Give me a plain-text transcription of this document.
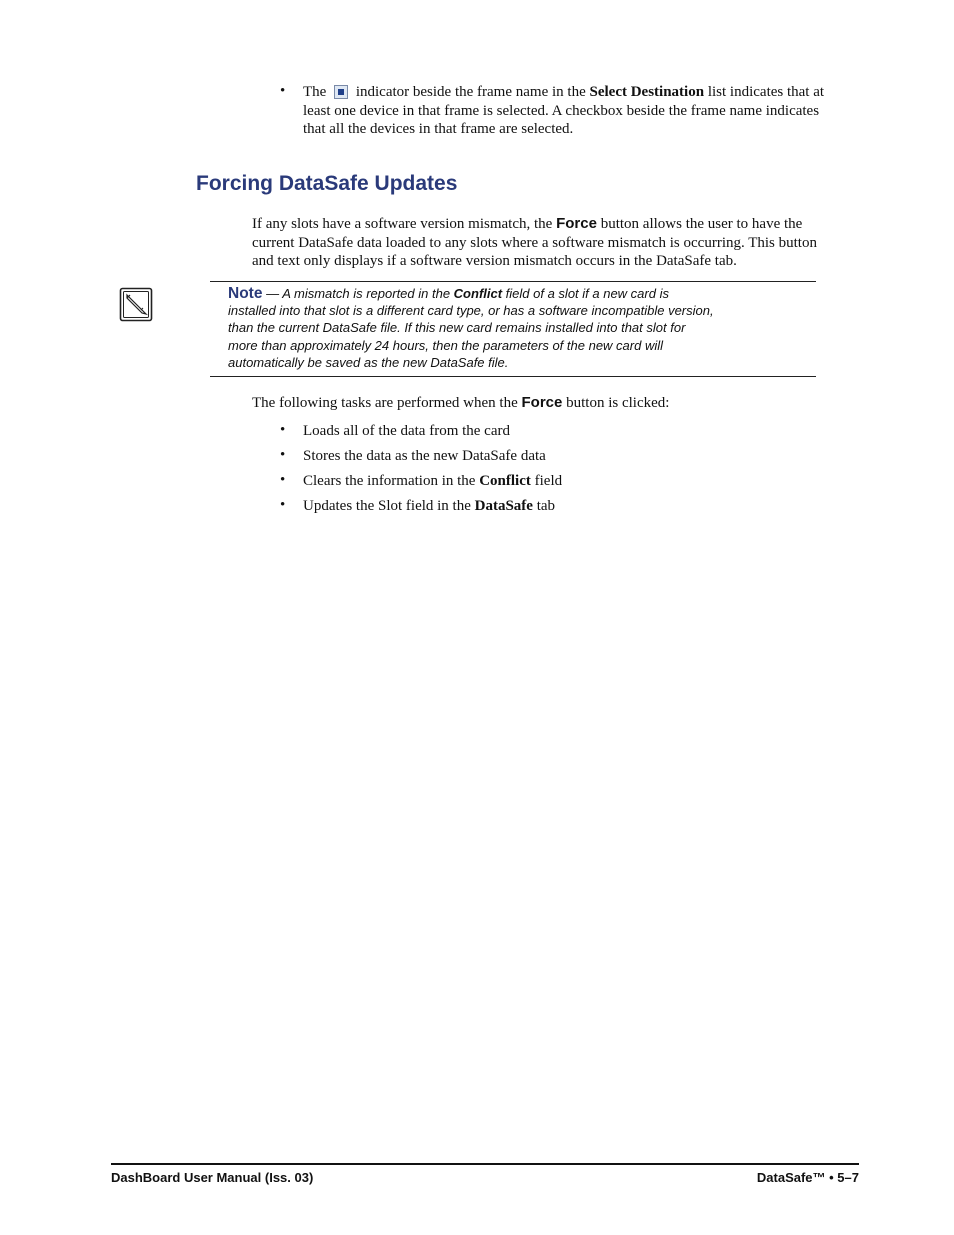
• The indicator beside the frame name in the Select Destination list indicates that at
least one device in that frame is selected. A checkbox beside the frame name indicates
that all the devices in that frame are selected.
Forcing DataSafe Updates
If any slots have a software version mismatch, the Force button allows the user to have the
current DataSafe data loaded to any slots where a software mismatch is occurring. This button
and text only displays if a software version mismatch occurs in the DataSafe tab.
Note — A mismatch is reported in the Conflict field of a slot if a new card is
installed into that slot is a different card type, or has a software incompatible version,
than the current DataSafe file. If this new card remains installed into that slot for
more than approximately 24 hours, then the parameters of the new card will
automatically be saved as the new DataSafe file.
The following tasks are performed when the Force button is clicked:
• Loads all of the data from the card
• Stores the data as the new DataSafe data
• Clears the information in the Conflict field
• Updates the Slot field in the DataSafe tab
DashBoard User Manual (Iss. 03)	DataSafe™ • 5–7
